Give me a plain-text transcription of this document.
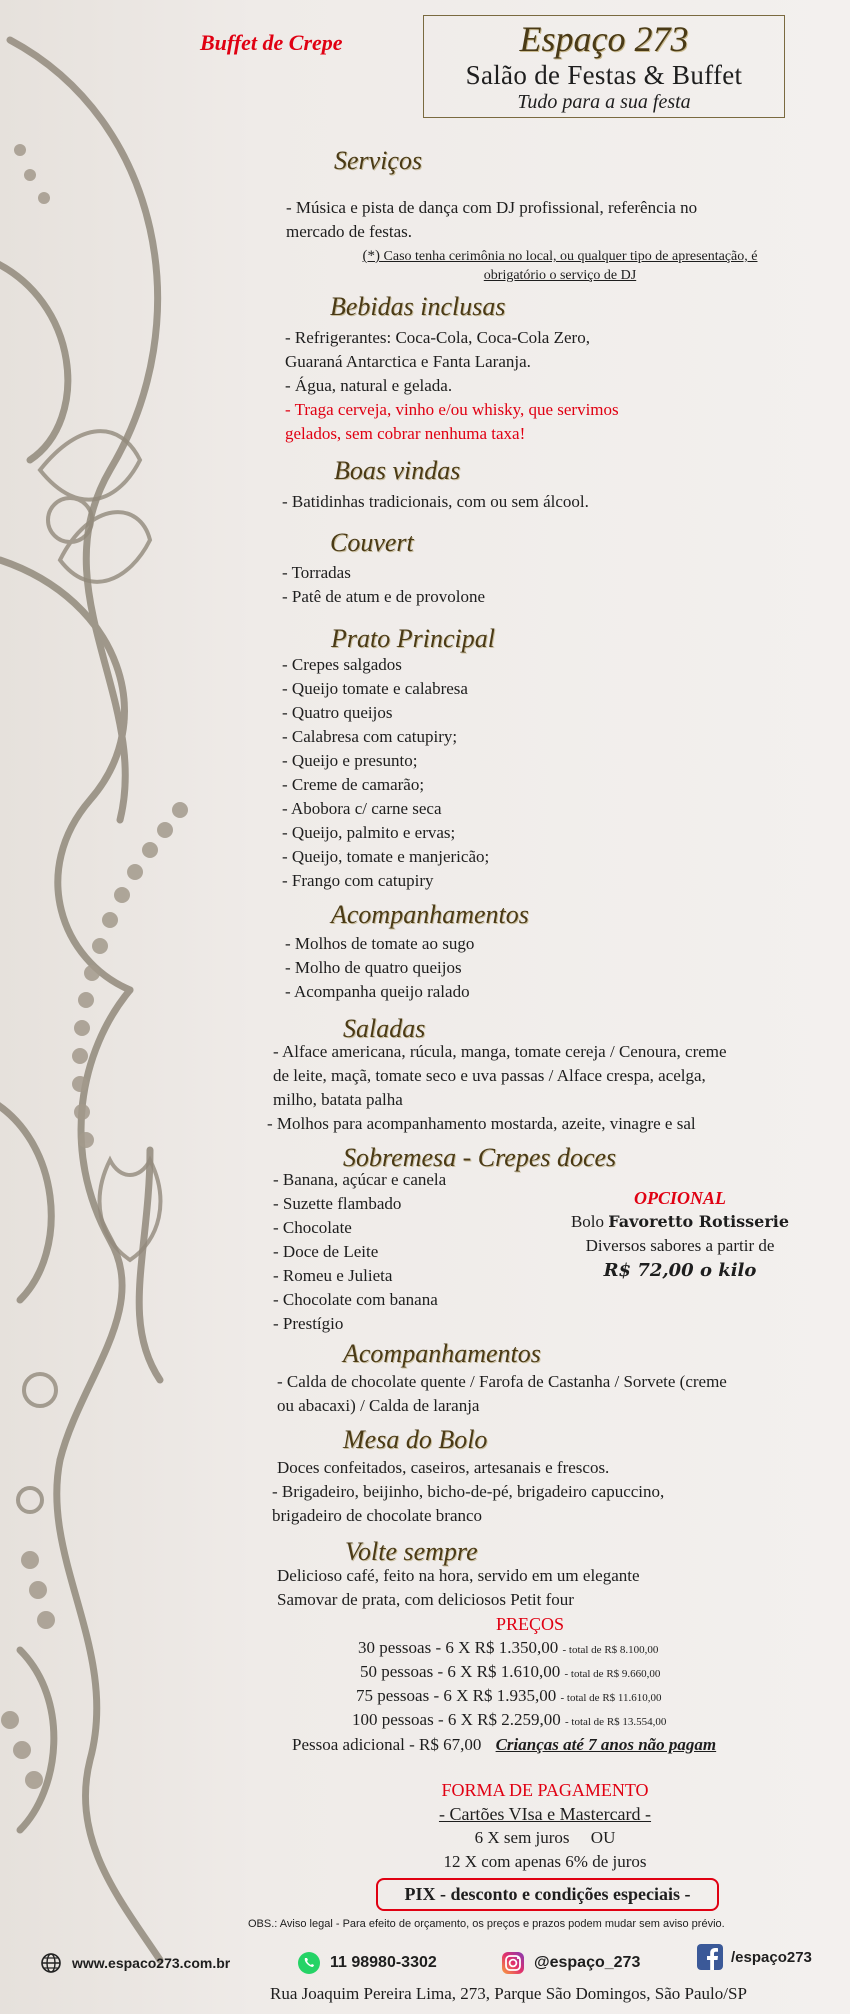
Buffet de Crepe	Espaço 273
Salão de Festas & Buffet
Tudo para a sua festa
Serviços
- Música e pista de dança com DJ profissional, referência no
mercado de festas.
(*) Caso tenha cerimônia no local, ou qualquer tipo de apresentação, é
obrigatório o serviço de DJ
Bebidas inclusas
- Refrigerantes: Coca-Cola, Coca-Cola Zero,
Guaraná Antarctica e Fanta Laranja.
- Água, natural e gelada.
- Traga cerveja, vinho e/ou whisky, que servimos
gelados, sem cobrar nenhuma taxa!
Boas vindas
- Batidinhas tradicionais, com ou sem álcool.
Couvert
- Torradas
- Patê de atum e de provolone
Prato Principal
- Crepes salgados
- Queijo tomate e calabresa
- Quatro queijos
- Calabresa com catupiry;
- Queijo e presunto;
- Creme de camarão;
- Abobora c/ carne seca
- Queijo, palmito e ervas;
- Queijo, tomate e manjericão;
- Frango com catupiry
Acompanhamentos
- Molhos de tomate ao sugo
- Molho de quatro queijos
- Acompanha queijo ralado
Saladas
- Alface americana, rúcula, manga, tomate cereja / Cenoura, creme
de leite, maçã, tomate seco e uva passas / Alface crespa, acelga,
milho, batata palha
- Molhos para acompanhamento mostarda, azeite, vinagre e sal
Sobremesa - Crepes doces
- Banana, açúcar e canela
- Suzette flambado
- Chocolate
- Doce de Leite
- Romeu e Julieta
- Chocolate com banana
- Prestígio
OPCIONAL
Bolo Favoretto Rotisserie
Diversos sabores a partir de
R$ 72,00 o kilo
Acompanhamentos
- Calda de chocolate quente / Farofa de Castanha / Sorvete (creme
ou abacaxi) / Calda de laranja
Mesa do Bolo
Doces confeitados, caseiros, artesanais e frescos.
- Brigadeiro, beijinho, bicho-de-pé, brigadeiro capuccino,
brigadeiro de chocolate branco
Volte sempre
Delicioso café, feito na hora, servido em um elegante
Samovar de prata, com deliciosos Petit four
PREÇOS
30 pessoas - 6 X R$ 1.350,00 - total de R$ 8.100,00
50 pessoas - 6 X R$ 1.610,00 - total de R$ 9.660,00
75 pessoas - 6 X R$ 1.935,00 - total de R$ 11.610,00
100 pessoas - 6 X R$ 2.259,00 - total de R$ 13.554,00
Pessoa adicional - R$ 67,00 Crianças até 7 anos não pagam
FORMA DE PAGAMENTO
- Cartões VIsa e Mastercard -
6 X sem juros     OU
12 X com apenas 6% de juros
PIX - desconto e condições especiais -
OBS.: Aviso legal - Para efeito de orçamento, os preços e prazos podem mudar sem aviso prévio.
www.espaco273.com.br	11 98980-3302	@espaço_273	/espaço273
Rua Joaquim Pereira Lima, 273, Parque São Domingos, São Paulo/SP
